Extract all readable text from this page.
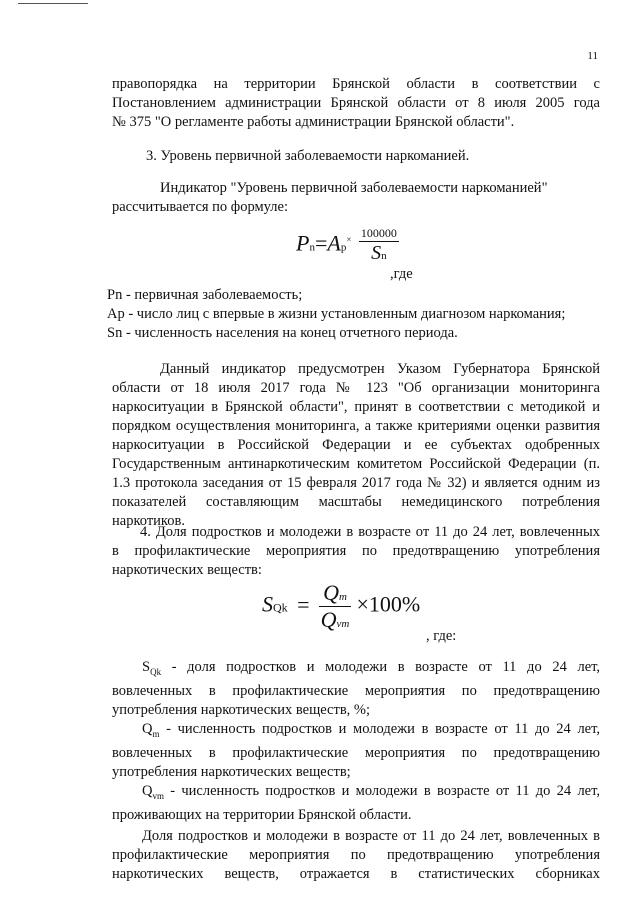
11

правопорядка на территории Брянской области в соответствии с

Постановлением администрации Брянской области от 8 июля 2005 года

№ 375 "О регламенте работы администрации Брянской области".

3. Уровень первичной заболеваемости наркоманией.

Индикатор "Уровень первичной заболеваемости наркоманией"

рассчитывается по формуле:

$Pn=Ap^\times \frac{100000}{Sn}$
,где

Pn - первичная заболеваемость;

Ap - число лиц с впервые в жизни установленным диагнозом наркомания;

Sn - численность населения на конец отчетного периода.

Данный индикатор предусмотрен Указом Губернатора Брянской

области от 18 июля 2017 года № 123 "Об организации мониторинга

наркоситуации в Брянской области", принят в соответствии с методикой и

порядком осуществления мониторинга, а также критериями оценки развития

наркоситуации в Российской Федерации и ее субъектах одобренных

Государственным антинаркотическим комитетом Российской Федерации (п.

1.3 протокола заседания от 15 февраля 2017 года № 32) и является одним из

показателей составляющим масштабы немедицинского потребления

наркотиков.

4. Доля подростков и молодежи в возрасте от 11 до 24 лет, вовлеченных

в профилактические мероприятия по предотвращению употребления

наркотических веществ:

SQk = $\frac{Qm}{\text{Qvm}} \times 100\%$
, где:

$S_{Qk}$ - доля подростков и молодежи в возрасте от 11 до 24 лет,

вовлеченных в профилактические мероприятия по предотвращению

употребления наркотических веществ, %;

$Q_m$ - численность подростков и молодежи в возрасте от 11 до 24 лет,

вовлеченных в профилактические мероприятия по предотвращению

употребления наркотических веществ;

$Q_{vm}$ - численность подростков и молодежи в возрасте от 11 до 24 лет,

проживающих на территории Брянской области.

Доля подростков и молодежи в возрасте от 11 до 24 лет, вовлеченных в

профилактические мероприятия по предотвращению употребления

наркотических веществ, отражается в статистических сборниках
